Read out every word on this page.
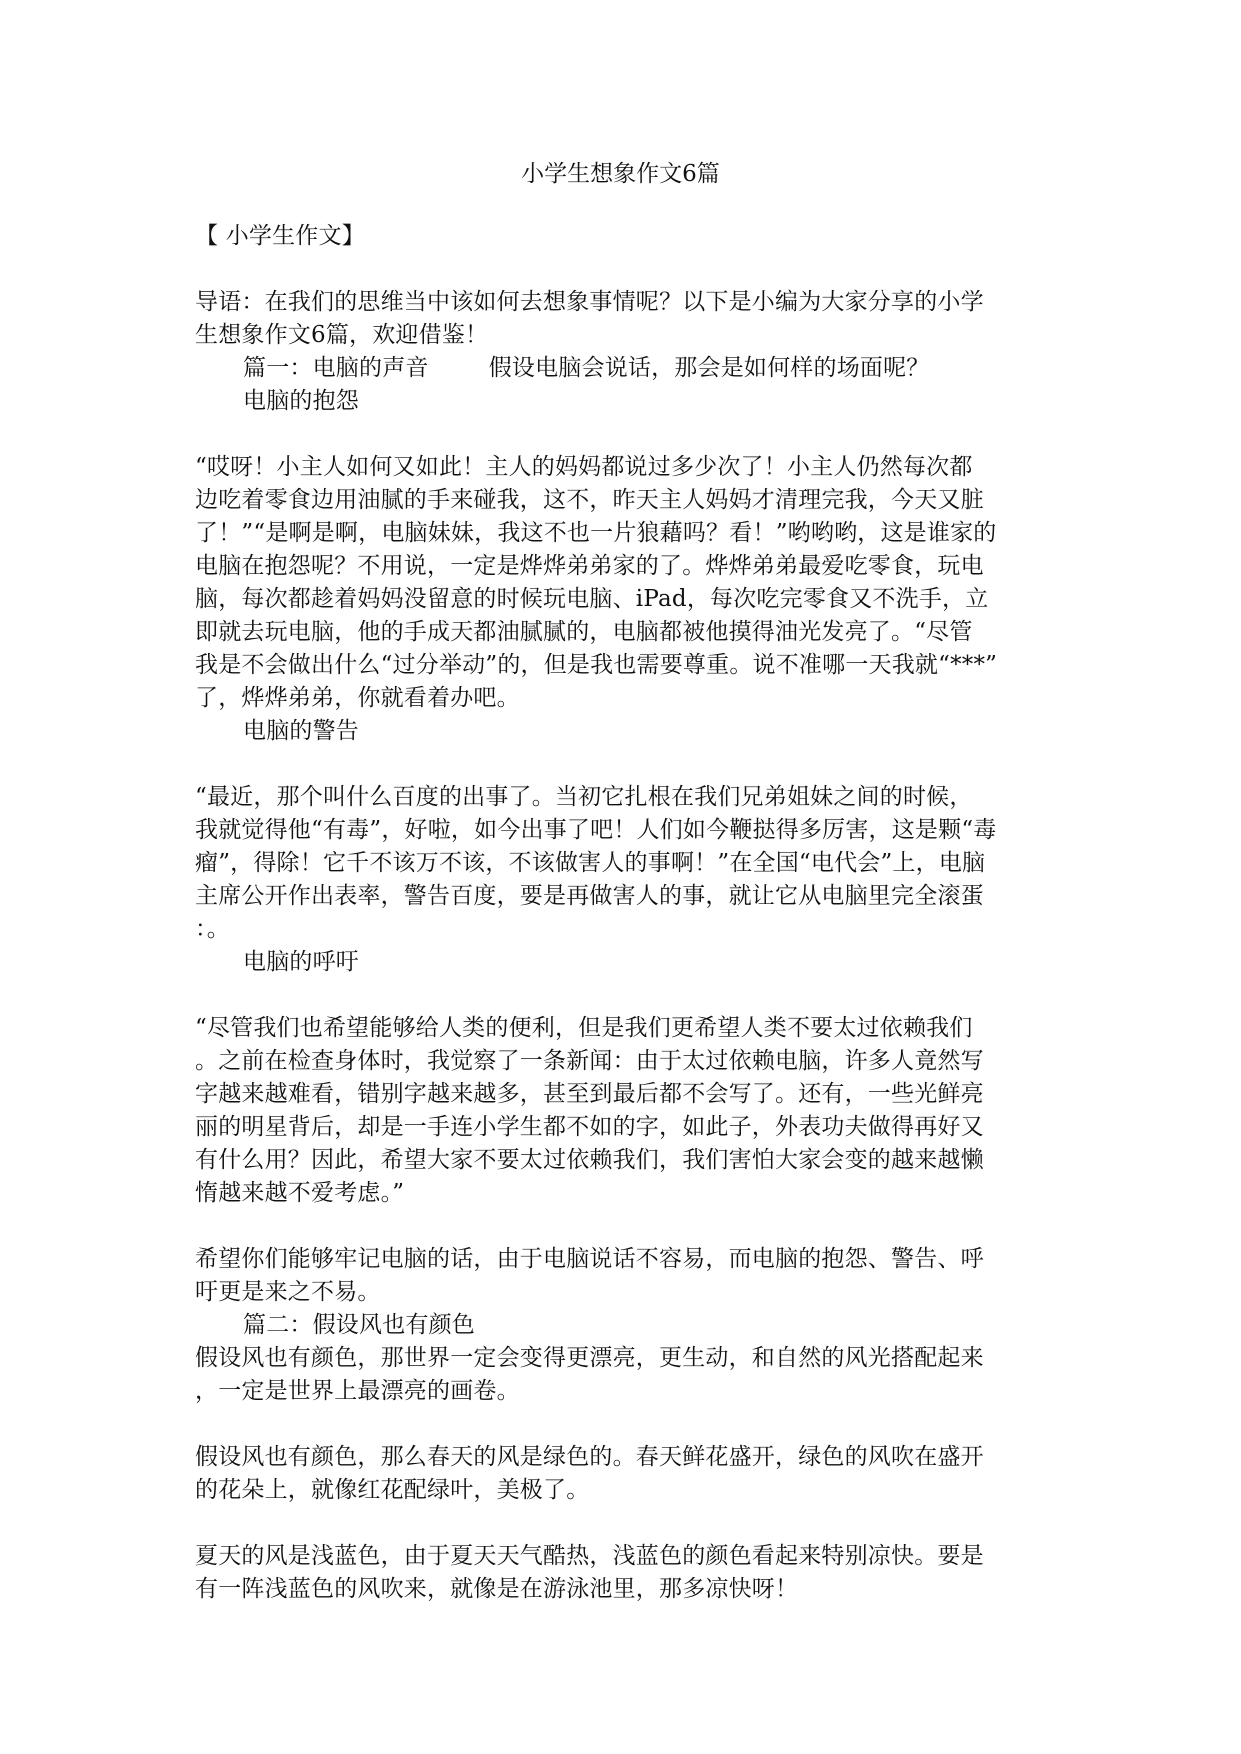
小学生想象作文6篇
【 小学生作文】
导语：在我们的思维当中该如何去想象事情呢？以下是小编为大家分享的小学
生想象作文6篇，欢迎借鉴！
篇一：电脑的声音        假设电脑会说话，那会是如何样的场面呢？
电脑的抱怨
“哎呀！小主人如何又如此！主人的妈妈都说过多少次了！小主人仍然每次都
边吃着零食边用油腻的手来碰我，这不，昨天主人妈妈才清理完我，今天又脏
了！”“是啊是啊，电脑妹妹，我这不也一片狼藉吗？看！”哟哟哟，这是谁家的
电脑在抱怨呢？不用说，一定是烨烨弟弟家的了。烨烨弟弟最爱吃零食，玩电
脑，每次都趁着妈妈没留意的时候玩电脑、iPad，每次吃完零食又不洗手，立
即就去玩电脑，他的手成天都油腻腻的，电脑都被他摸得油光发亮了。“尽管
我是不会做出什么“过分举动”的，但是我也需要尊重。说不准哪一天我就“***”
了，烨烨弟弟，你就看着办吧。
电脑的警告
“最近，那个叫什么百度的出事了。当初它扎根在我们兄弟姐妹之间的时候，
我就觉得他“有毒”，好啦，如今出事了吧！人们如今鞭挞得多厉害，这是颗“毒
瘤”，得除！它千不该万不该，不该做害人的事啊！”在全国“电代会”上，电脑
主席公开作出表率，警告百度，要是再做害人的事，就让它从电脑里完全滚蛋
：。
电脑的呼吁
“尽管我们也希望能够给人类的便利，但是我们更希望人类不要太过依赖我们
。之前在检查身体时，我觉察了一条新闻：由于太过依赖电脑，许多人竟然写
字越来越难看，错别字越来越多，甚至到最后都不会写了。还有，一些光鲜亮
丽的明星背后，却是一手连小学生都不如的字，如此子，外表功夫做得再好又
有什么用？因此，希望大家不要太过依赖我们，我们害怕大家会变的越来越懒
惰越来越不爱考虑。”
希望你们能够牢记电脑的话，由于电脑说话不容易，而电脑的抱怨、警告、呼
吁更是来之不易。
篇二：假设风也有颜色
假设风也有颜色，那世界一定会变得更漂亮，更生动，和自然的风光搭配起来
，一定是世界上最漂亮的画卷。
假设风也有颜色，那么春天的风是绿色的。春天鲜花盛开，绿色的风吹在盛开
的花朵上，就像红花配绿叶，美极了。
夏天的风是浅蓝色，由于夏天天气酷热，浅蓝色的颜色看起来特别凉快。要是
有一阵浅蓝色的风吹来，就像是在游泳池里，那多凉快呀！
